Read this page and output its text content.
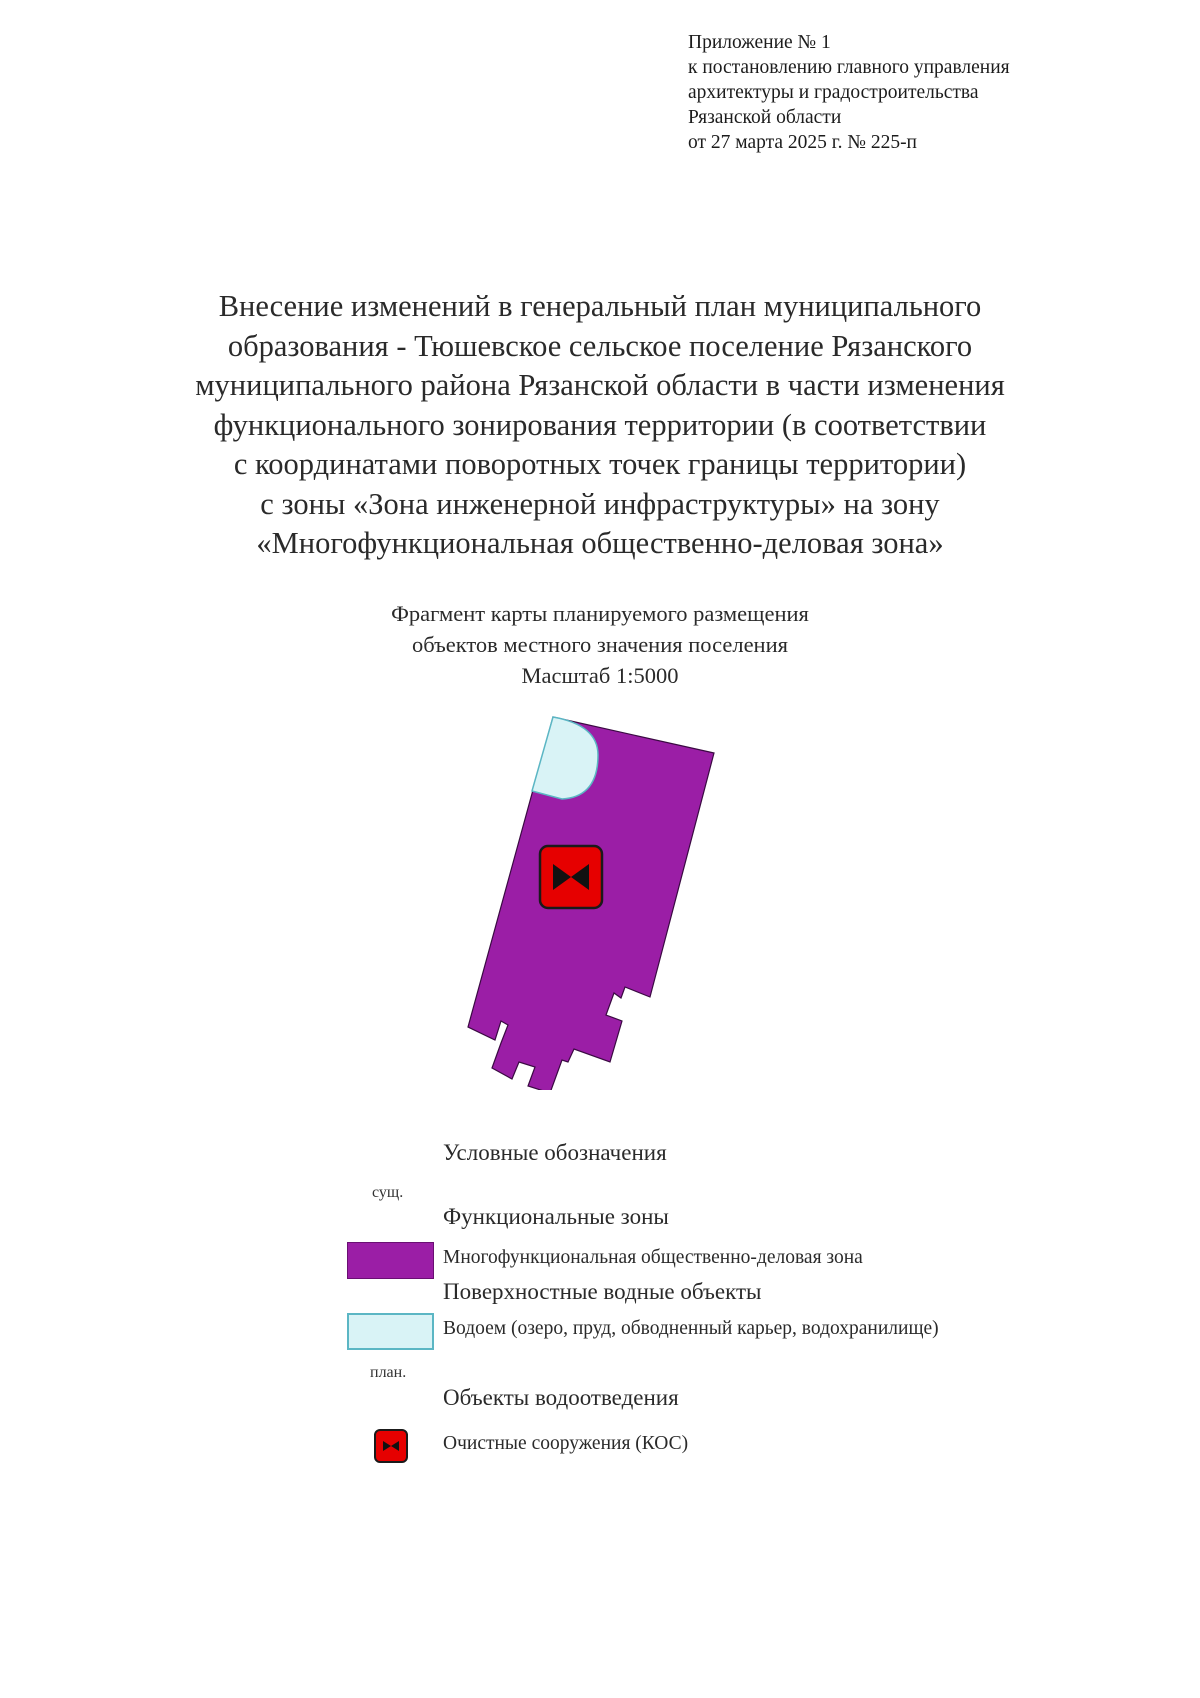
Приложение № 1
к постановлению главного управления
архитектуры и градостроительства
Рязанской области
от 27 марта 2025 г. № 225-п
Внесение изменений в генеральный план муниципального
образования - Тюшевское сельское поселение Рязанского
муниципального района Рязанской области в части изменения
функционального зонирования территории (в соответствии
с координатами поворотных точек границы территории)
с зоны «Зона инженерной инфраструктуры» на зону
«Многофункциональная общественно-деловая зона»
Фрагмент карты планируемого размещения
объектов местного значения поселения
Масштаб 1:5000
Условные обозначения
сущ.
Функциональные зоны
Многофункциональная общественно-деловая зона
Поверхностные водные объекты
Водоем (озеро, пруд, обводненный карьер, водохранилище)
план.
Объекты водоотведения
Очистные сооружения (КОС)
